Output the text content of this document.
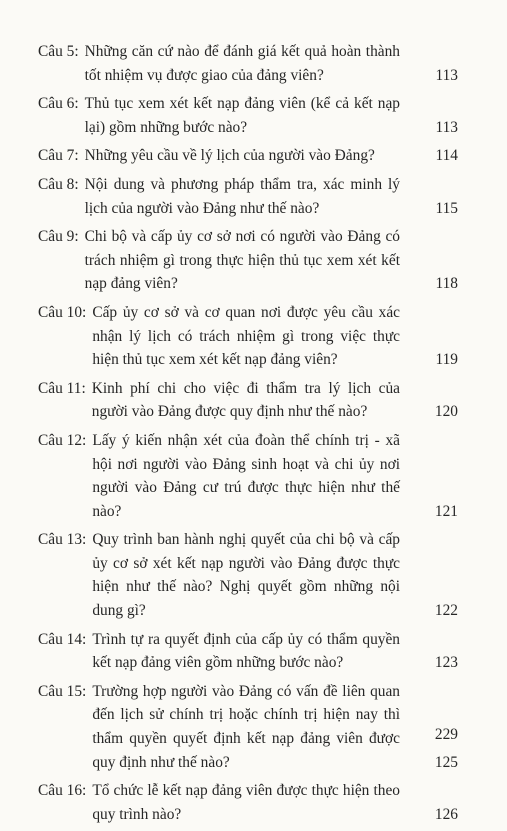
Câu 5: Những căn cứ nào để đánh giá kết quả hoàn thành tốt nhiệm vụ được giao của đảng viên?	113
Câu 6: Thủ tục xem xét kết nạp đảng viên (kể cả kết nạp lại) gồm những bước nào?	113
Câu 7: Những yêu cầu về lý lịch của người vào Đảng?	114
Câu 8: Nội dung và phương pháp thẩm tra, xác minh lý lịch của người vào Đảng như thế nào?	115
Câu 9: Chi bộ và cấp ủy cơ sở nơi có người vào Đảng có trách nhiệm gì trong thực hiện thủ tục xem xét kết nạp đảng viên?	118
Câu 10: Cấp ủy cơ sở và cơ quan nơi được yêu cầu xác nhận lý lịch có trách nhiệm gì trong việc thực hiện thủ tục xem xét kết nạp đảng viên?	119
Câu 11: Kinh phí chi cho việc đi thẩm tra lý lịch của người vào Đảng được quy định như thế nào?	120
Câu 12: Lấy ý kiến nhận xét của đoàn thể chính trị - xã hội nơi người vào Đảng sinh hoạt và chi ủy nơi người vào Đảng cư trú được thực hiện như thế nào?	121
Câu 13: Quy trình ban hành nghị quyết của chi bộ và cấp ủy cơ sở xét kết nạp người vào Đảng được thực hiện như thế nào? Nghị quyết gồm những nội dung gì?	122
Câu 14: Trình tự ra quyết định của cấp ủy có thẩm quyền kết nạp đảng viên gồm những bước nào?	123
Câu 15: Trường hợp người vào Đảng có vấn đề liên quan đến lịch sử chính trị hoặc chính trị hiện nay thì thẩm quyền quyết định kết nạp đảng viên được quy định như thế nào?	125
Câu 16: Tổ chức lễ kết nạp đảng viên được thực hiện theo quy trình nào?	126
229
